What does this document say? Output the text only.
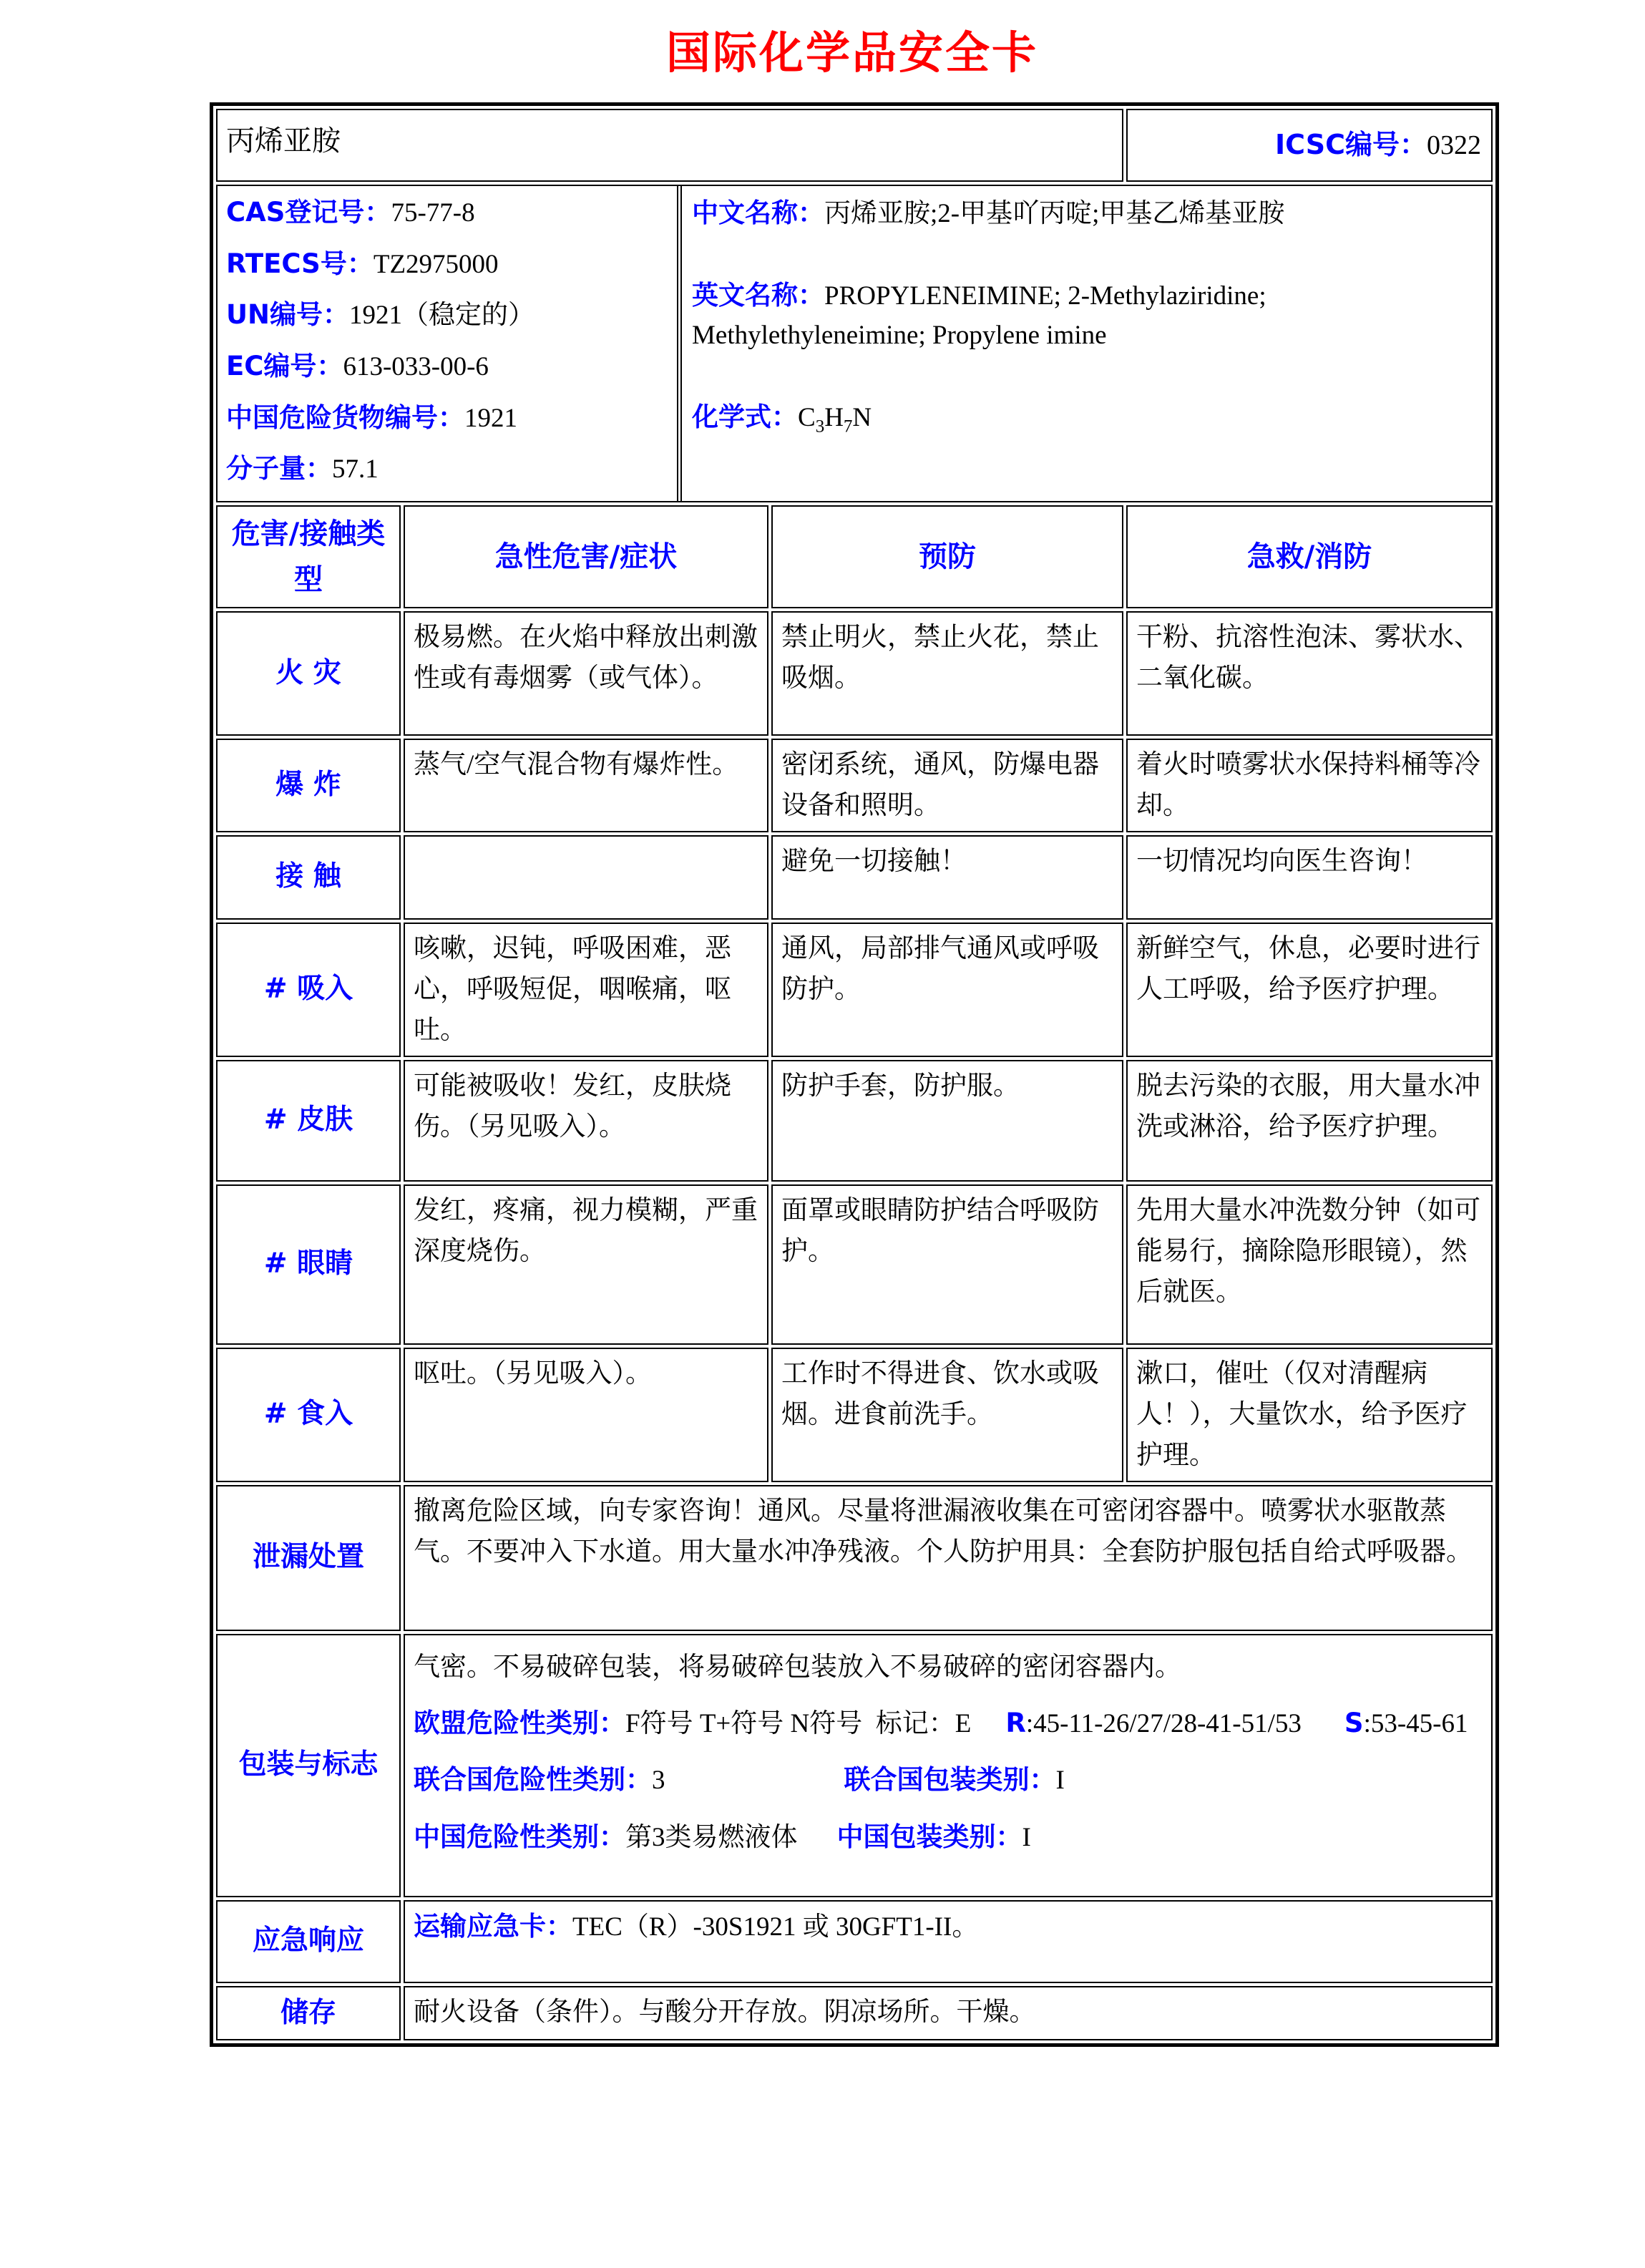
国际化学品安全卡
丙烯亚胺			ICSC编号：0322

CAS登记号：75-77-8

RTECS号：TZ2975000

UN编号：1921（稳定的）

EC编号：613-033-00-6

中国危险货物编号：1921

分子量：57.1

中文名称：丙烯亚胺;2-甲基吖丙啶;甲基乙烯基亚胺

英文名称：PROPYLENEIMINE; 2-Methylaziridine; Methylethyleneimine; Propylene imine

化学式：$C_3H_7N$

危害/接触类型	急性危害/症状	预防	急救/消防
火 灾	极易燃。在火焰中释放出刺激性或有毒烟雾（或气体）。	禁止明火，禁止火花，禁止吸烟。	干粉、抗溶性泡沫、雾状水、二氧化碳。
爆 炸	蒸气/空气混合物有爆炸性。	密闭系统，通风，防爆电器设备和照明。	着火时喷雾状水保持料桶等冷却。
接 触		避免一切接触！	一切情况均向医生咨询！
# 吸入	咳嗽，迟钝，呼吸困难，恶心，呼吸短促，咽喉痛，呕吐。	通风，局部排气通风或呼吸防护。	新鲜空气，休息，必要时进行人工呼吸，给予医疗护理。
# 皮肤	可能被吸收！发红，皮肤烧伤。（另见吸入）。	防护手套，防护服。	脱去污染的衣服，用大量水冲洗或淋浴，给予医疗护理。
# 眼睛	发红，疼痛，视力模糊，严重深度烧伤。	面罩或眼睛防护结合呼吸防护。	先用大量水冲洗数分钟（如可能易行，摘除隐形眼镜），然后就医。
# 食入	呕吐。（另见吸入）。	工作时不得进食、饮水或吸烟。进食前洗手。	漱口，催吐（仅对清醒病人！），大量饮水，给予医疗护理。
泄漏处置	撤离危险区域，向专家咨询！通风。尽量将泄漏液收集在可密闭容器中。喷雾状水驱散蒸气。不要冲入下水道。用大量水冲净残液。个人防护用具：全套防护服包括自给式呼吸器。		
包装与标志	气密。不易破碎包装，将易破碎包装放入不易破碎的密闭容器内。

欧盟危险性类别：F符号 T+符号 N符号  标记：E R:45-11-26/27/28-41-51/53 S:53-45-61

联合国危险性类别：3 联合国包装类别：I

中国危险性类别：第3类易燃液体 中国包装类别：I		

应急响应	运输应急卡：TEC（R）-30S1921 或 30GFT1-II。		
储存	耐火设备（条件）。与酸分开存放。阴凉场所。干燥。		
